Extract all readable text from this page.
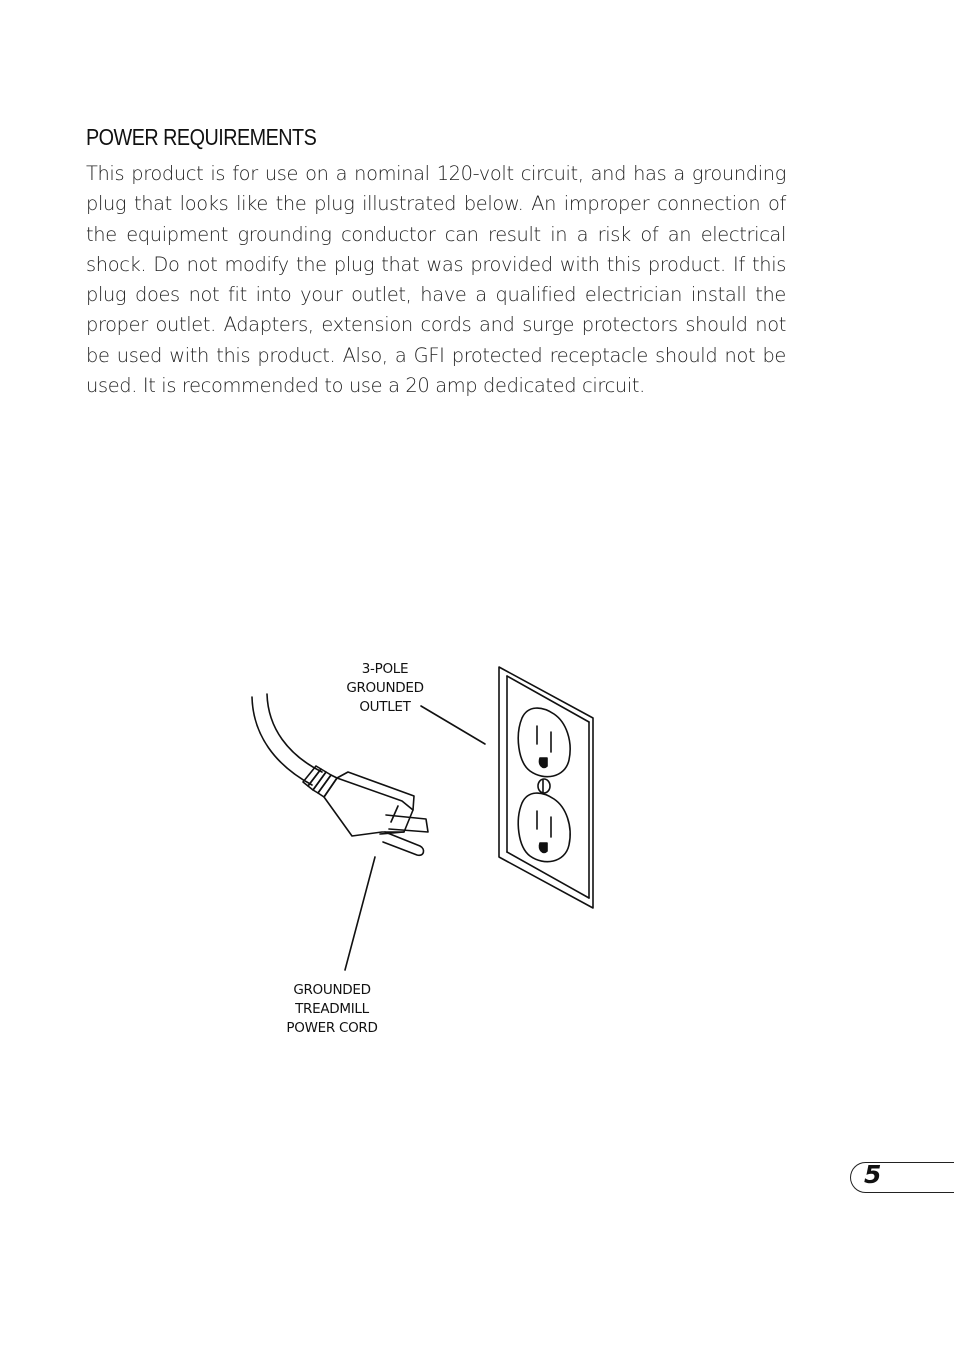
POWER REQUIREMENTS
This product is for use on a nominal 120-volt circuit, and has a grounding plug that looks like the plug illustrated below. An improper connection of the equipment grounding conductor can result in a risk of an electrical shock. Do not modify the plug that was provided with this product. If this plug does not fit into your outlet, have a qualified electrician install the proper outlet. Adapters, extension cords and surge protectors should not be used with this product. Also, a GFI protected receptacle should not be used. It is recommended to use a 20 amp dedicated circuit.
3-POLE
GROUNDED
OUTLET
GROUNDED
TREADMILL
POWER CORD
5
